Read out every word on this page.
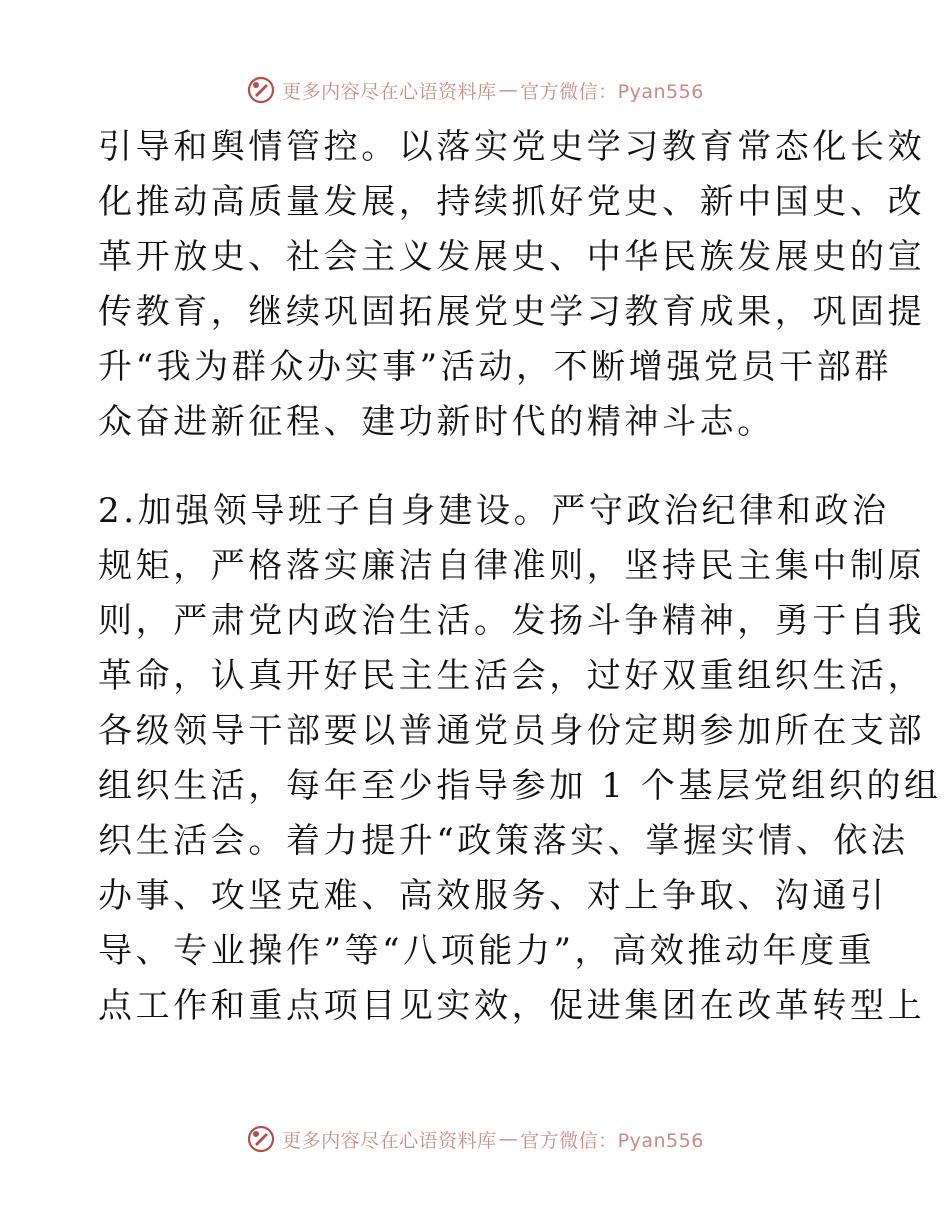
更多内容尽在心语资料库 — 官方微信：Pyan556
引导和舆情管控。以落实党史学习教育常态化长效
化推动高质量发展，持续抓好党史、新中国史、改
革开放史、社会主义发展史、中华民族发展史的宣
传教育，继续巩固拓展党史学习教育成果，巩固提
升“我为群众办实事”活动，不断增强党员干部群
众奋进新征程、建功新时代的精神斗志。
2.加强领导班子自身建设。严守政治纪律和政治
规矩，严格落实廉洁自律准则，坚持民主集中制原
则，严肃党内政治生活。发扬斗争精神，勇于自我
革命，认真开好民主生活会，过好双重组织生活，
各级领导干部要以普通党员身份定期参加所在支部
组织生活，每年至少指导参加 1 个基层党组织的组
织生活会。着力提升“政策落实、掌握实情、依法
办事、攻坚克难、高效服务、对上争取、沟通引
导、专业操作”等“八项能力”，高效推动年度重
点工作和重点项目见实效，促进集团在改革转型上
更多内容尽在心语资料库 — 官方微信：Pyan556
